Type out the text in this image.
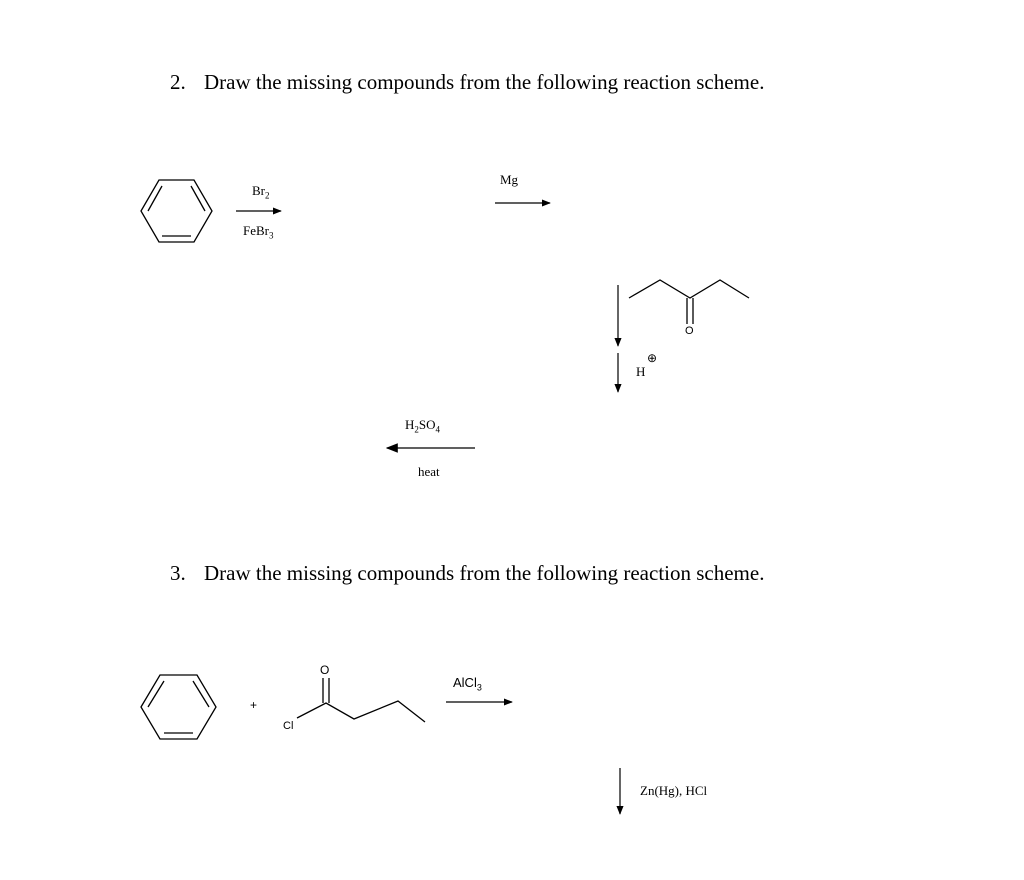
2. Draw the missing compounds from the following reaction scheme.
3. Draw the missing compounds from the following reaction scheme.
$Br_2$
FeBr$_3$
Mg
O
H
⊕
$H_2SO_4$
heat
+
O
Cl
AlCl$_3$
Zn(Hg), HCl
